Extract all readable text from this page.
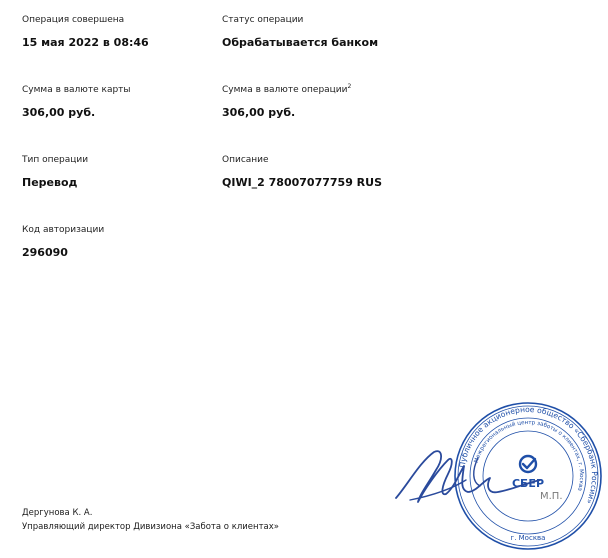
Операция совершена
15 мая 2022 в 08:46
Статус операции
Обрабатывается банком
Сумма в валюте карты
306,00 руб.
Сумма в валюте операции$^2$
306,00 руб.
Тип операции
Перевод
Описание
QIWI_2 78007077759 RUS
Код авторизации
296090
Дергунова К. А.
Управляющий директор Дивизиона «Забота о клиентах»
Публичное акционерное общество «Сбербанк России»
Межрегиональный центр заботы о клиентах, г. Москва
СБЕР
М.П.
г. Москва
